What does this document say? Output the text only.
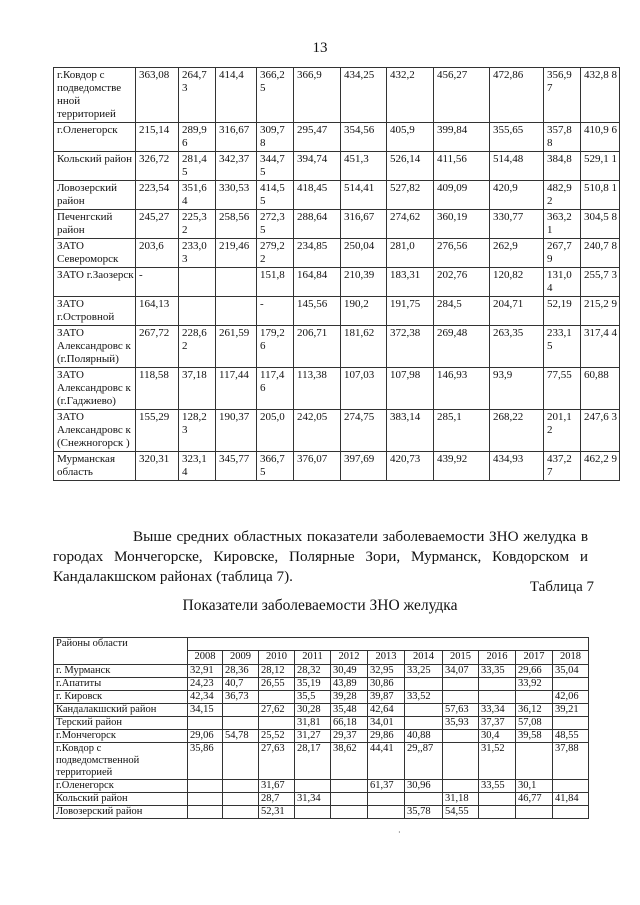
13
г.Ковдор с подведомстве нной территорией	363,08	264,7 3	414,4	366,2 5	366,9	434,25	432,2	456,27	472,86	356,9 7	432,8 8
г.Оленегорск	215,14	289,9 6	316,67	309,7 8	295,47	354,56	405,9	399,84	355,65	357,8 8	410,9 6
Кольский район	326,72	281,4 5	342,37	344,7 5	394,74	451,3	526,14	411,56	514,48	384,8	529,1 1
Ловозерский район	223,54	351,6 4	330,53	414,5 5	418,45	514,41	527,82	409,09	420,9	482,9 2	510,8 1
Печенгский район	245,27	225,3 2	258,56	272,3 5	288,64	316,67	274,62	360,19	330,77	363,2 1	304,5 8
ЗАТО Североморск	203,6	233,0 3	219,46	279,2 2	234,85	250,04	281,0	276,56	262,9	267,7 9	240,7 8
ЗАТО г.Заозерск	-			151,8	164,84	210,39	183,31	202,76	120,82	131,0 4	255,7 3
ЗАТО г.Островной	164,13			-	145,56	190,2	191,75	284,5	204,71	52,19	215,2 9
ЗАТО Александровс к (г.Полярный)	267,72	228,6 2	261,59	179,2 6	206,71	181,62	372,38	269,48	263,35	233,1 5	317,4 4
ЗАТО Александровс к (г.Гаджиево)	118,58	37,18	117,44	117,4 6	113,38	107,03	107,98	146,93	93,9	77,55	60,88
ЗАТО Александровс к (Снежногорск )	155,29	128,2 3	190,37	205,0	242,05	274,75	383,14	285,1	268,22	201,1 2	247,6 3
Мурманская область	320,31	323,1 4	345,77	366,7 5	376,07	397,69	420,73	439,92	434,93	437,2 7	462,2 9
Выше средних областных показатели заболеваемости ЗНО желудка в городах Мончегорске, Кировске, Полярные Зори, Мурманск, Ковдорском и Кандалакшском районах (таблица 7).
Таблица 7
Показатели заболеваемости ЗНО желудка
Районы области											
	2008	2009	2010	2011	2012	2013	2014	2015	2016	2017	2018
г. Мурманск	32,91	28,36	28,12	28,32	30,49	32,95	33,25	34,07	33,35	29,66	35,04
г.Апатиты	24,23	40,7	26,55	35,19	43,89	30,86				33,92	
г. Кировск	42,34	36,73		35,5	39,28	39,87	33,52				42,06
Кандалакшский район	34,15		27,62	30,28	35,48	42,64		57,63	33,34	36,12	39,21
Терский район				31,81	66,18	34,01		35,93	37,37	57,08	
г.Мончегорск	29,06	54,78	25,52	31,27	29,37	29,86	40,88		30,4	39,58	48,55
г.Ковдор с подведомственной территорией	35,86		27,63	28,17	38,62	44,41	29,,87		31,52		37,88
г.Оленегорск			31,67			61,37	30,96		33,55	30,1	
Кольский район			28,7	31,34				31,18		46,77	41,84
Ловозерский район			52,31				35,78	54,55			
·
